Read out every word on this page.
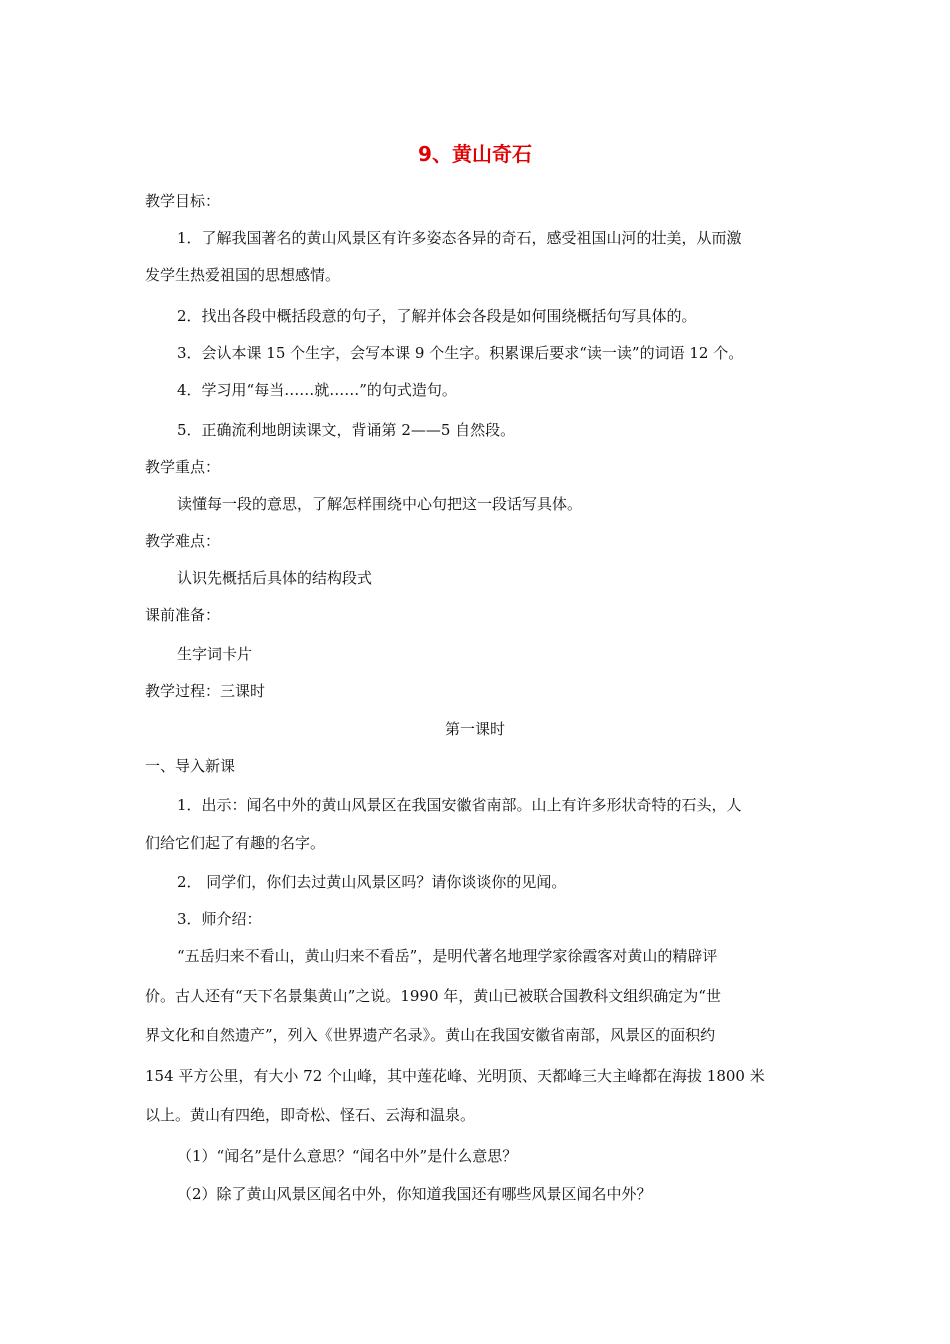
9、黄山奇石
教学目标：
1．了解我国著名的黄山风景区有许多姿态各异的奇石，感受祖国山河的壮美，从而激
发学生热爱祖国的思想感情。
2．找出各段中概括段意的句子，了解并体会各段是如何围绕概括句写具体的。
3．会认本课 15 个生字，会写本课 9 个生字。积累课后要求“读一读”的词语 12 个。
4．学习用“每当……就……”的句式造句。
5．正确流利地朗读课文，背诵第 2——5 自然段。
教学重点：
读懂每一段的意思，了解怎样围绕中心句把这一段话写具体。
教学难点：
认识先概括后具体的结构段式
课前准备：
生字词卡片
教学过程：三课时
第一课时
一、导入新课
1．出示：闻名中外的黄山风景区在我国安徽省南部。山上有许多形状奇特的石头，人
们给它们起了有趣的名字。
2． 同学们，你们去过黄山风景区吗？请你谈谈你的见闻。
3．师介绍：
“五岳归来不看山，黄山归来不看岳”，是明代著名地理学家徐霞客对黄山的精辟评
价。古人还有“天下名景集黄山”之说。1990 年，黄山已被联合国教科文组织确定为“世
界文化和自然遗产”，列入《世界遗产名录》。黄山在我国安徽省南部，风景区的面积约
154 平方公里，有大小 72 个山峰，其中莲花峰、光明顶、天都峰三大主峰都在海拔 1800 米
以上。黄山有四绝，即奇松、怪石、云海和温泉。
（1）“闻名”是什么意思？“闻名中外”是什么意思？
（2）除了黄山风景区闻名中外，你知道我国还有哪些风景区闻名中外？
